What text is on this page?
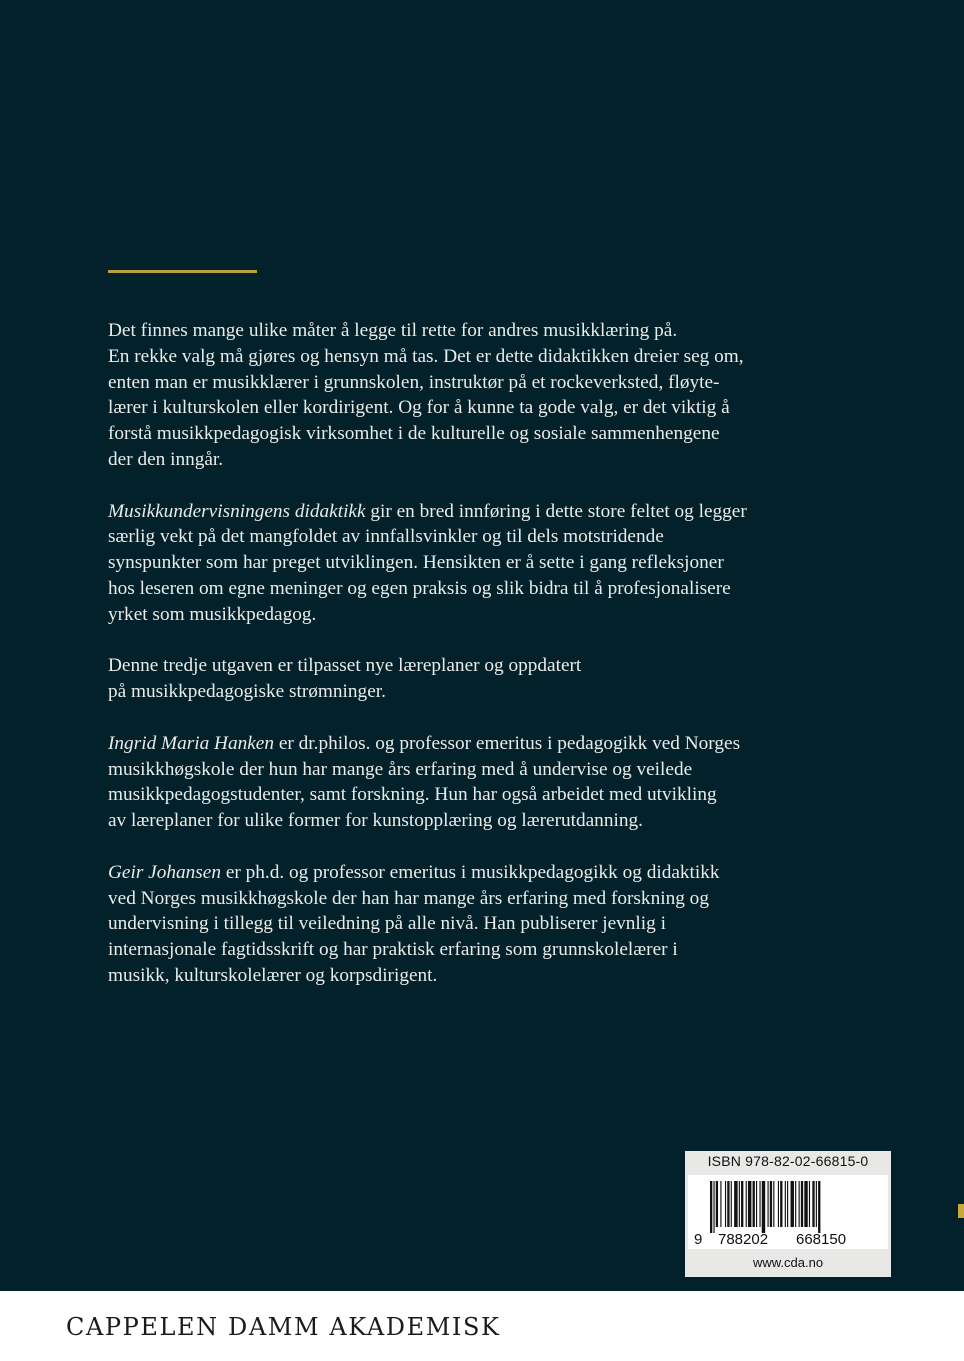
Det finnes mange ulike måter å legge til rette for andres musikklæring på.
En rekke valg må gjøres og hensyn må tas. Det er dette didaktikken dreier seg om,
enten man er musikklærer i grunnskolen, instruktør på et rockeverksted, fløyte-
lærer i kulturskolen eller kordirigent. Og for å kunne ta gode valg, er det viktig å
forstå musikkpedagogisk virksomhet i de kulturelle og sosiale sammenhengene
der den inngår.

Musikkundervisningens didaktikk gir en bred innføring i dette store feltet og legger
særlig vekt på det mangfoldet av innfallsvinkler og til dels motstridende
synspunkter som har preget utviklingen. Hensikten er å sette i gang refleksjoner
hos leseren om egne meninger og egen praksis og slik bidra til å profesjonalisere
yrket som musikkpedagog.

Denne tredje utgaven er tilpasset nye læreplaner og oppdatert
på musikkpedagogiske strømninger.

Ingrid Maria Hanken er dr.philos. og professor emeritus i pedagogikk ved Norges
musikkhøgskole der hun har mange års erfaring med å undervise og veilede
musikkpedagogstudenter, samt forskning. Hun har også arbeidet med utvikling
av læreplaner for ulike former for kunstopplæring og lærerutdanning.

Geir Johansen er ph.d. og professor emeritus i musikkpedagogikk og didaktikk
ved Norges musikkhøgskole der han har mange års erfaring med forskning og
undervisning i tillegg til veiledning på alle nivå. Han publiserer jevnlig i
internasjonale fagtidsskrift og har praktisk erfaring som grunnskolelærer i
musikk, kulturskolelærer og korpsdirigent.

ISBN 978-82-02-66815-0
9 788202 668150
www.cda.no
CAPPELEN DAMM AKADEMISK
